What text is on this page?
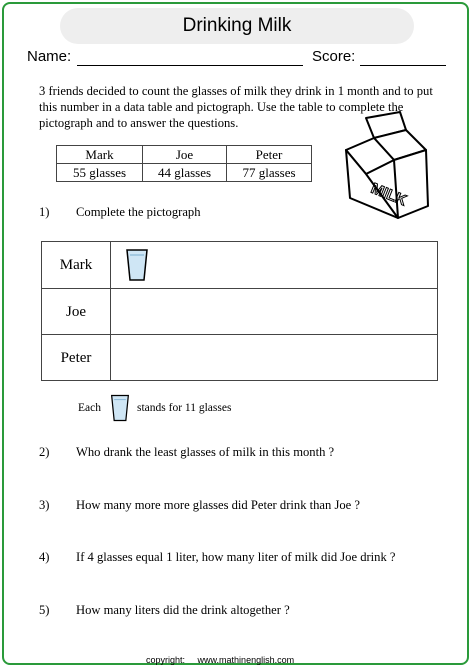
Drinking Milk
Name:	Score:
3 friends decided to count the glasses of milk they drink in 1 month and to put this number in a data table and pictograph. Use the table to complete the pictograph and to answer the questions.
Mark	Joe	Peter
55 glasses	44 glasses	77 glasses
MILK
1) Complete the pictograph
Mark
Joe
Peter
Each	stands for 11 glasses
2) Who drank the least glasses of milk in this month ?
3) How many more more glasses did Peter drink than Joe ?
4) If 4 glasses equal 1 liter, how many liter of milk did Joe drink ?
5) How many liters did the drink altogether ?
copyright: www.mathinenglish.com
